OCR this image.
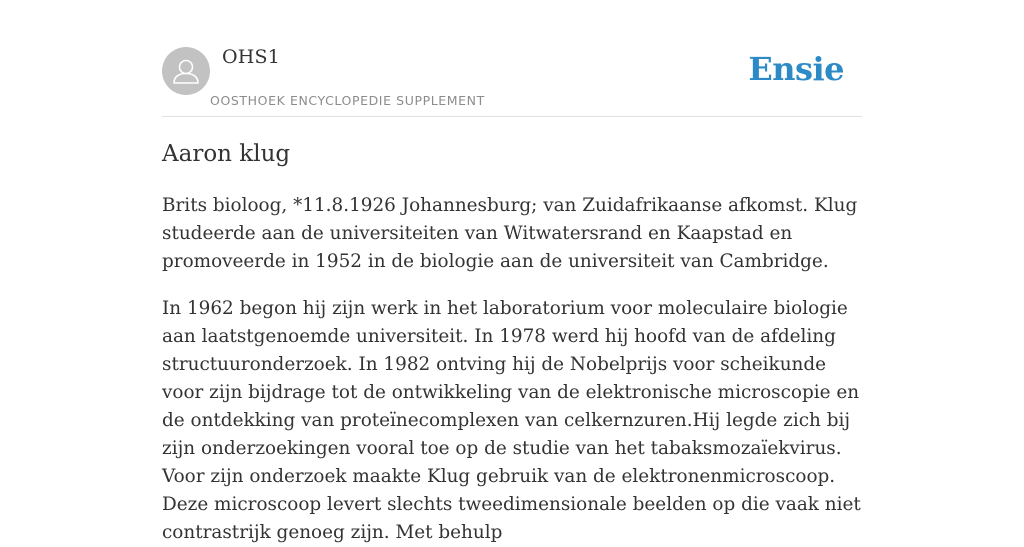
OHS1
OOSTHOEK ENCYCLOPEDIE SUPPLEMENT
Ensie
Aaron klug

Brits bioloog, *11.8.1926 Johannesburg; van Zuidafrikaanse afkomst. Klug studeerde aan de universiteiten van Witwatersrand en Kaapstad en promoveerde in 1952 in de biologie aan de universiteit van Cambridge.

In 1962 begon hij zijn werk in het laboratorium voor moleculaire biologie aan laatstgenoemde universiteit. In 1978 werd hij hoofd van de afdeling structuuronderzoek. In 1982 ontving hij de Nobelprijs voor scheikunde voor zijn bijdrage tot de ontwikkeling van de elektronische microscopie en de ontdekking van proteïnecomplexen van celkernzuren.Hij legde zich bij zijn onderzoekingen vooral toe op de studie van het tabaksmozaïekvirus. Voor zijn onderzoek maakte Klug gebruik van de elektronenmicroscoop. Deze microscoop levert slechts tweedimensionale beelden op die vaak niet contrastrijk genoeg zijn. Met behulp
